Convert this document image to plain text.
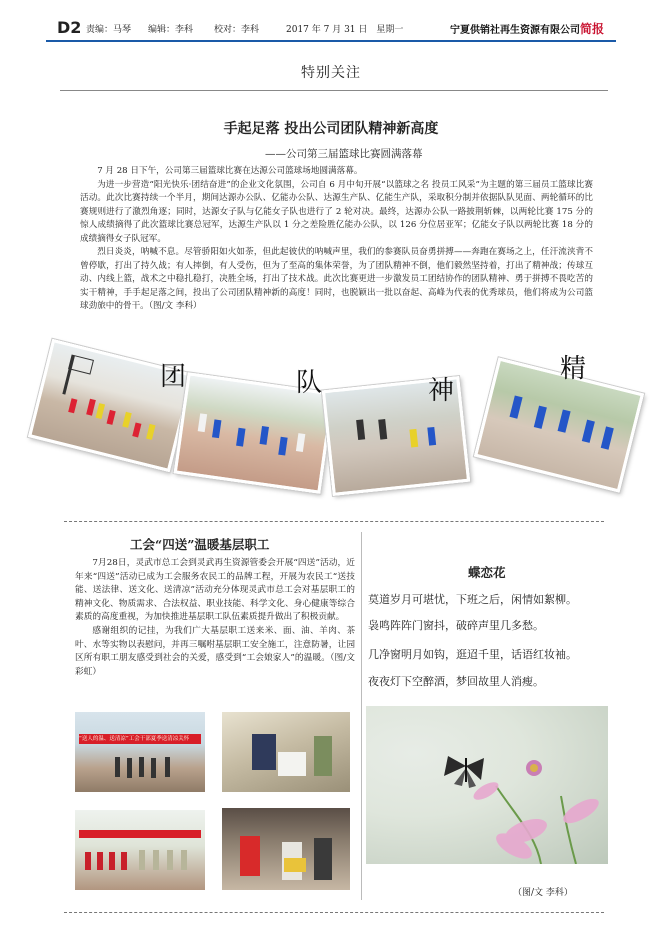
D2 责编：马琴 编辑：李科 校对：李科	2017 年 7 月 31 日　星期一	宁夏供销社再生资源有限公司简报
特别关注
手起足落 投出公司团队精神新高度
——公司第三届篮球比赛圆满落幕

7 月 28 日下午，公司第三届篮球比赛在达源公司篮球场地圆满落幕。

为进一步营造“阳光快乐·团结奋进”的企业文化氛围，公司自 6 月中旬开展“以篮球之名 投员工风采”为主题的第三届员工篮球比赛活动。此次比赛持续一个半月，期间达源办公队、亿能办公队、达源生产队、亿能生产队，采取积分制并依据队队见面、两轮循环的比赛规则进行了激烈角逐；同时，达源女子队与亿能女子队也进行了 2 轮对决。最终，达源办公队一路披荆斩棘，以两轮比赛 175 分的惊人成绩摘得了此次篮球比赛总冠军，达源生产队以 1 分之差险胜亿能办公队，以 126 分位居亚军；亿能女子队以两轮比赛 18 分的成绩摘得女子队冠军。

烈日炎炎，呐喊不息。尽管骄阳如火如荼，但此起彼伏的呐喊声里，我们的参赛队员奋勇拼搏——奔跑在赛场之上，任汗流浃背不曾停歇，打出了持久战；有人摔倒，有人受伤，但为了至高的集体荣誉，为了团队精神不倒，他们毅然坚持着，打出了精神战；传球互动、内线上篮，战术之中稳扎稳打，决胜全场，打出了技术战。此次比赛更进一步激发员工团结协作的团队精神、勇于拼搏不畏吃苦的实干精神，手手起足落之间，投出了公司团队精神新的高度！同时，也脱颖出一批以奋起、高峰为代表的优秀球员，他们将成为公司篮球劲旅中的骨干。（图/文 李科）

团	队	神
精
工会“四送”温暖基层职工

7月28日，灵武市总工会到灵武再生资源管委会开展“四送”活动，近年来“四送”活动已成为工会服务农民工的品牌工程，开展为农民工“送技能、送法律、送文化、送清凉”活动充分体现灵武市总工会对基层职工的精神文化、物质需求、合法权益、职业技能、科学文化、身心健康等综合素质的高度重视，为加快推进基层职工队伍素质提升做出了积极贡献。

感谢组织的记挂，为我们广大基层职工送来米、面、油、羊肉、茶叶、水等实物以表慰问，并再三嘱咐基层职工安全施工，注意防暑，让园区所有职工朋友感受到社会的关爱，感受到“工会娘家人”的温暖。（图/文 彩虹）

“送人的温、送清凉”工会干部夏季送清凉关怀
蝶恋花
莫道岁月可堪忧，下班之后，闲情如絮柳。
袅鸣阵阵门窗抖，破碎声里几多愁。
几净窗明月如钩，逛迢千里，话语红妆袖。
夜夜灯下空醉酒，梦回故里人消瘦。
（图/文 李科）
